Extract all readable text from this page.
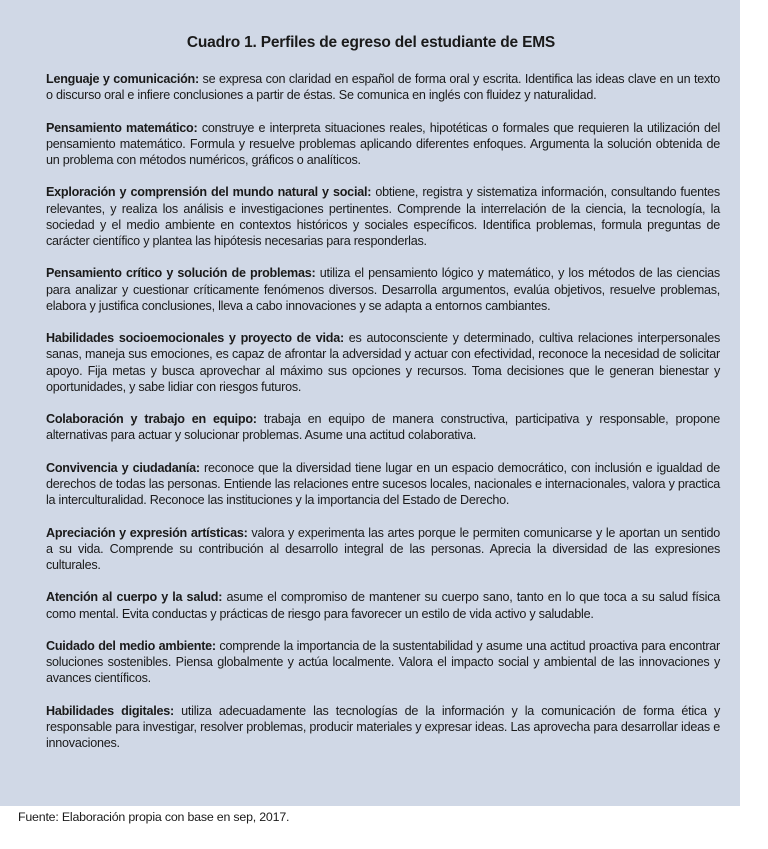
Cuadro 1. Perfiles de egreso del estudiante de EMS

Lenguaje y comunicación: se expresa con claridad en español de forma oral y escrita. Identifica las ideas clave en un texto o discurso oral e infiere conclusiones a partir de éstas. Se comunica en inglés con fluidez y naturalidad.

Pensamiento matemático: construye e interpreta situaciones reales, hipotéticas o formales que requieren la utilización del pensamiento matemático. Formula y resuelve problemas aplicando diferentes enfoques. Argumenta la solución obtenida de un problema con métodos numéricos, gráficos o analíticos.

Exploración y comprensión del mundo natural y social: obtiene, registra y sistematiza información, consultando fuentes relevantes, y realiza los análisis e investigaciones pertinentes. Comprende la interrelación de la ciencia, la tecnología, la sociedad y el medio ambiente en contextos históricos y sociales específicos. Identifica problemas, formula preguntas de carácter científico y plantea las hipótesis necesarias para responderlas.

Pensamiento crítico y solución de problemas: utiliza el pensamiento lógico y matemático, y los métodos de las ciencias para analizar y cuestionar críticamente fenómenos diversos. Desarrolla argumentos, evalúa objetivos, resuelve problemas, elabora y justifica conclusiones, lleva a cabo innovaciones y se adapta a entornos cambiantes.

Habilidades socioemocionales y proyecto de vida: es autoconsciente y determinado, cultiva relaciones interpersonales sanas, maneja sus emociones, es capaz de afrontar la adversidad y actuar con efectividad, reconoce la necesidad de solicitar apoyo. Fija metas y busca aprovechar al máximo sus opciones y recursos. Toma decisiones que le generan bienestar y oportunidades, y sabe lidiar con riesgos futuros.

Colaboración y trabajo en equipo: trabaja en equipo de manera constructiva, participativa y responsable, propone alternativas para actuar y solucionar problemas. Asume una actitud colaborativa.

Convivencia y ciudadanía: reconoce que la diversidad tiene lugar en un espacio democrático, con inclusión e igualdad de derechos de todas las personas. Entiende las relaciones entre sucesos locales, nacionales e internacionales, valora y practica la interculturalidad. Reconoce las instituciones y la importancia del Estado de Derecho.

Apreciación y expresión artísticas: valora y experimenta las artes porque le permiten comunicarse y le aportan un sentido a su vida. Comprende su contribución al desarrollo integral de las personas. Aprecia la diversidad de las expresiones culturales.

Atención al cuerpo y la salud: asume el compromiso de mantener su cuerpo sano, tanto en lo que toca a su salud física como mental. Evita conductas y prácticas de riesgo para favorecer un estilo de vida activo y saludable.

Cuidado del medio ambiente: comprende la importancia de la sustentabilidad y asume una actitud proactiva para encontrar soluciones sostenibles. Piensa globalmente y actúa localmente. Valora el impacto social y ambiental de las innovaciones y avances científicos.

Habilidades digitales: utiliza adecuadamente las tecnologías de la información y la comunicación de forma ética y responsable para investigar, resolver problemas, producir materiales y expresar ideas. Las aprovecha para desarrollar ideas e innovaciones.

Fuente: Elaboración propia con base en sep, 2017.
